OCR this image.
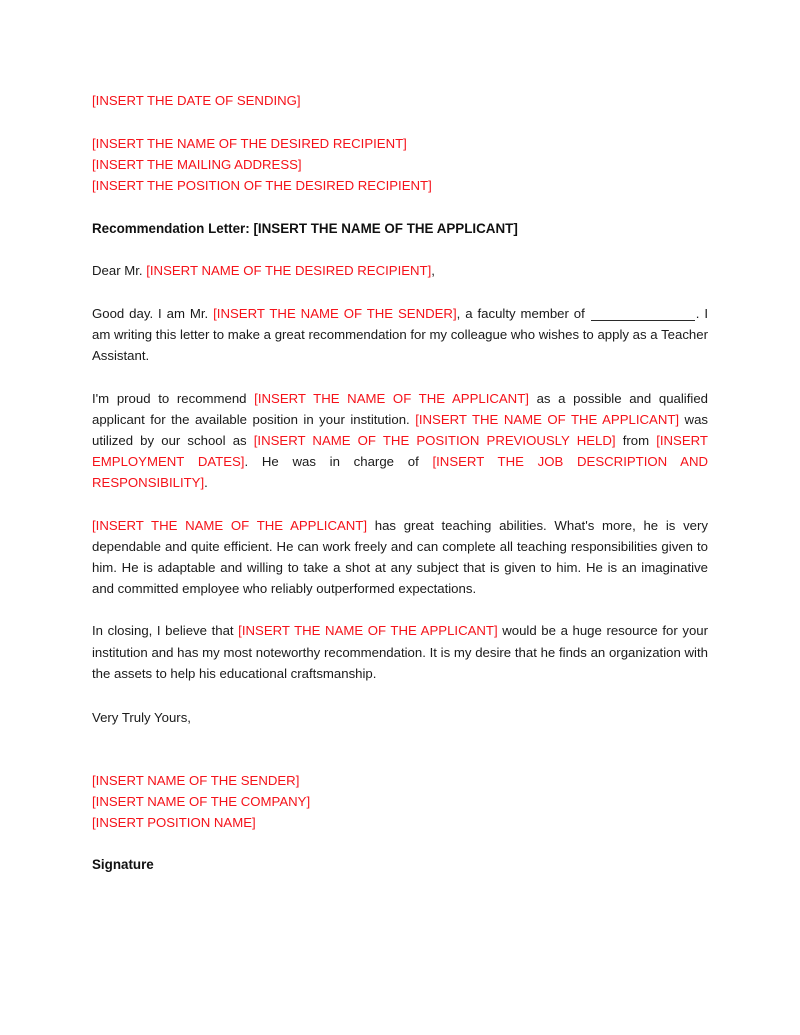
[INSERT THE DATE OF SENDING]
[INSERT THE NAME OF THE DESIRED RECIPIENT]
[INSERT THE MAILING ADDRESS]
[INSERT THE POSITION OF THE DESIRED RECIPIENT]
Recommendation Letter: [INSERT THE NAME OF THE APPLICANT]
Dear Mr. [INSERT NAME OF THE DESIRED RECIPIENT],

Good day. I am Mr. [INSERT THE NAME OF THE SENDER], a faculty member of	. I am writing this letter to make a great recommendation for my colleague who wishes to apply as a Teacher Assistant.

I'm proud to recommend [INSERT THE NAME OF THE APPLICANT] as a possible and qualified applicant for the available position in your institution. [INSERT THE NAME OF THE APPLICANT] was utilized by our school as [INSERT NAME OF THE POSITION PREVIOUSLY HELD] from [INSERT EMPLOYMENT DATES]. He was in charge of [INSERT THE JOB DESCRIPTION AND RESPONSIBILITY].

[INSERT THE NAME OF THE APPLICANT] has great teaching abilities. What's more, he is very dependable and quite efficient. He can work freely and can complete all teaching responsibilities given to him. He is adaptable and willing to take a shot at any subject that is given to him. He is an imaginative and committed employee who reliably outperformed expectations.

In closing, I believe that [INSERT THE NAME OF THE APPLICANT] would be a huge resource for your institution and has my most noteworthy recommendation. It is my desire that he finds an organization with the assets to help his educational craftsmanship.

Very Truly Yours,
[INSERT NAME OF THE SENDER]
[INSERT NAME OF THE COMPANY]
[INSERT POSITION NAME]
Signature
